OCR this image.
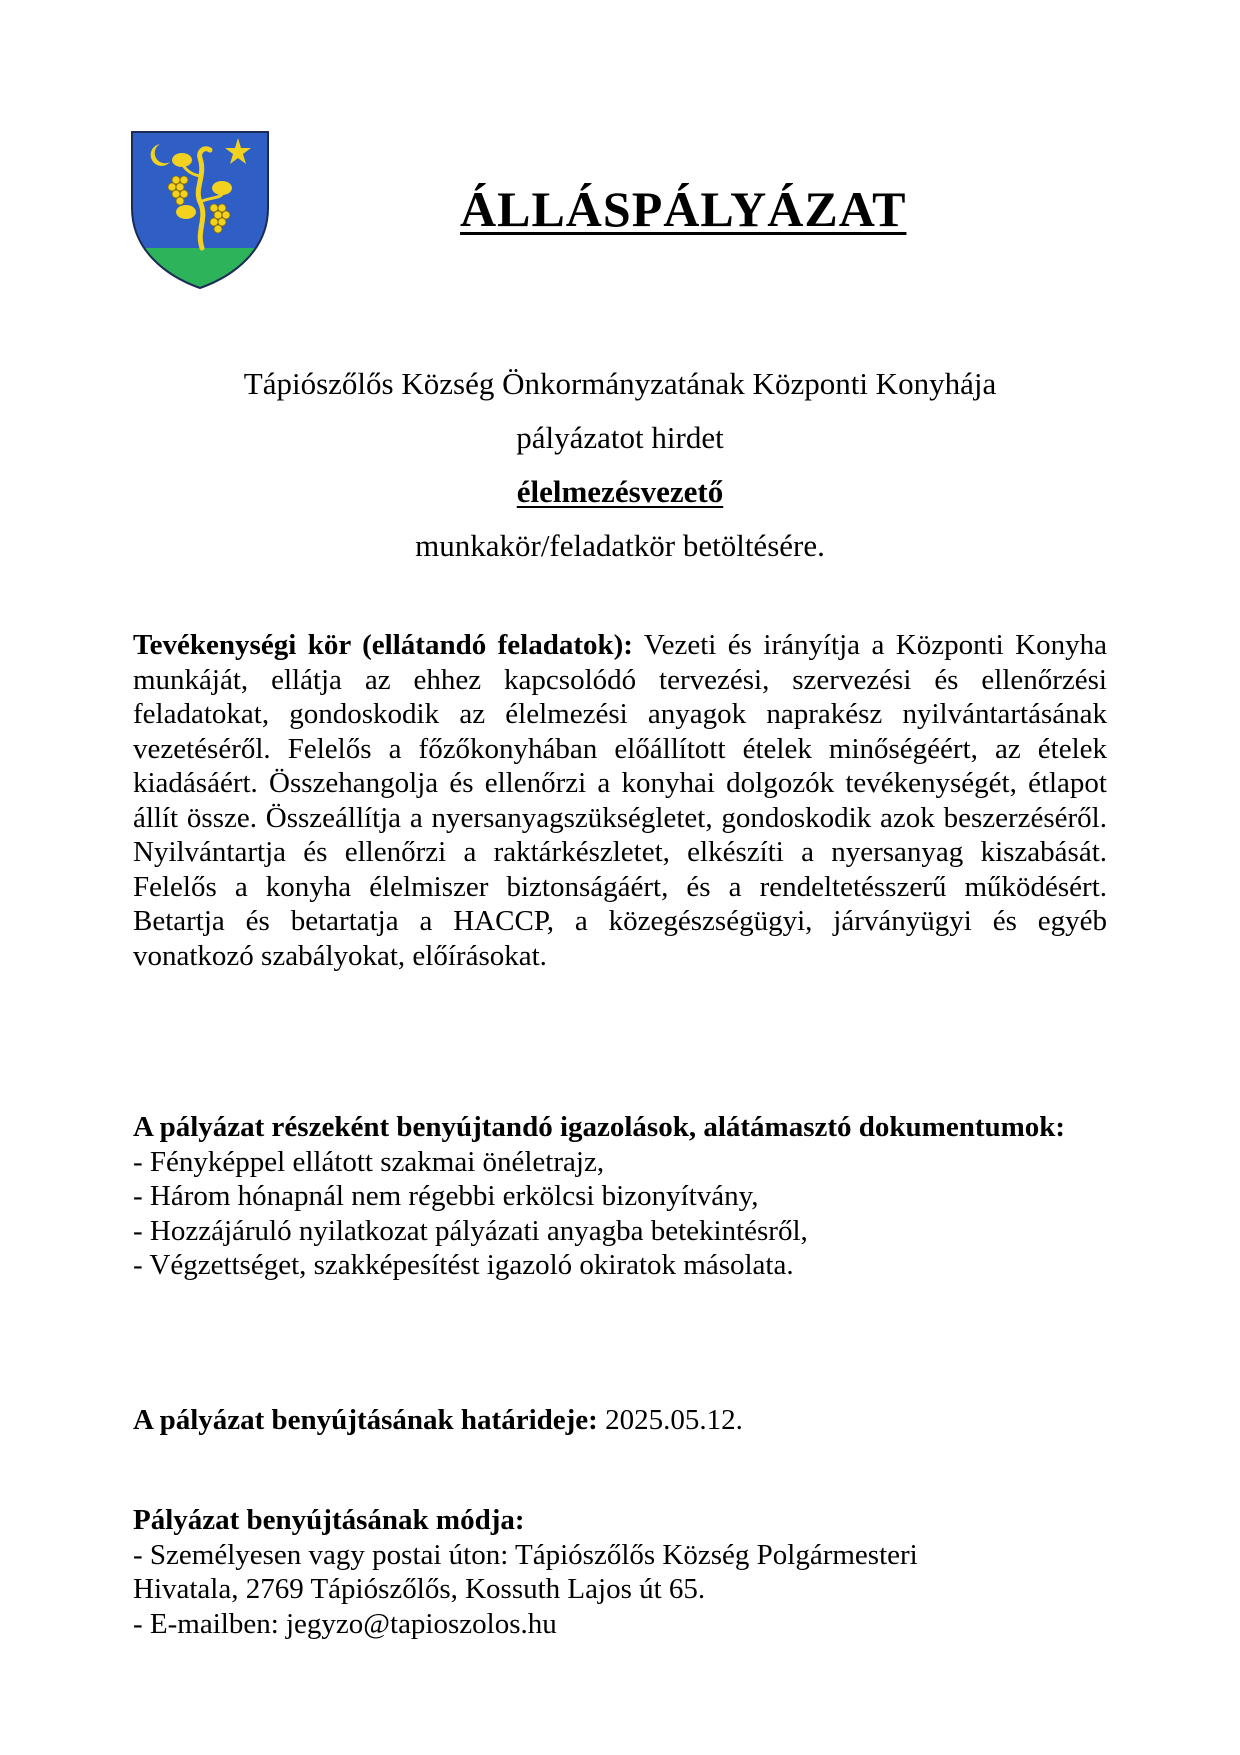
ÁLLÁSPÁLYÁZAT
Tápiószőlős Község Önkormányzatának Központi Konyhája
pályázatot hirdet
élelmezésvezető
munkakör/feladatkör betöltésére.
Tevékenységi kör (ellátandó feladatok): Vezeti és irányítja a Központi Konyha munkáját, ellátja az ehhez kapcsolódó tervezési, szervezési és ellenőrzési feladatokat, gondoskodik az élelmezési anyagok naprakész nyilvántartásának vezetéséről. Felelős a főzőkonyhában előállított ételek minőségéért, az ételek kiadásáért. Összehangolja és ellenőrzi a konyhai dolgozók tevékenységét, étlapot állít össze. Összeállítja a nyersanyagszükségletet, gondoskodik azok beszerzéséről. Nyilvántartja és ellenőrzi a raktárkészletet, elkészíti a nyersanyag kiszabását. Felelős a konyha élelmiszer biztonságáért, és a rendeltetésszerű működésért. Betartja és betartatja a HACCP, a közegészségügyi, járványügyi és egyéb vonatkozó szabályokat, előírásokat.
A pályázat részeként benyújtandó igazolások, alátámasztó dokumentumok:
- Fényképpel ellátott szakmai önéletrajz,
- Három hónapnál nem régebbi erkölcsi bizonyítvány,
- Hozzájáruló nyilatkozat pályázati anyagba betekintésről,
- Végzettséget, szakképesítést igazoló okiratok másolata.
A pályázat benyújtásának határideje: 2025.05.12.
Pályázat benyújtásának módja:
- Személyesen vagy postai úton: Tápiószőlős Község Polgármesteri Hivatala, 2769 Tápiószőlős, Kossuth Lajos út 65.
- E-mailben: jegyzo@tapioszolos.hu
